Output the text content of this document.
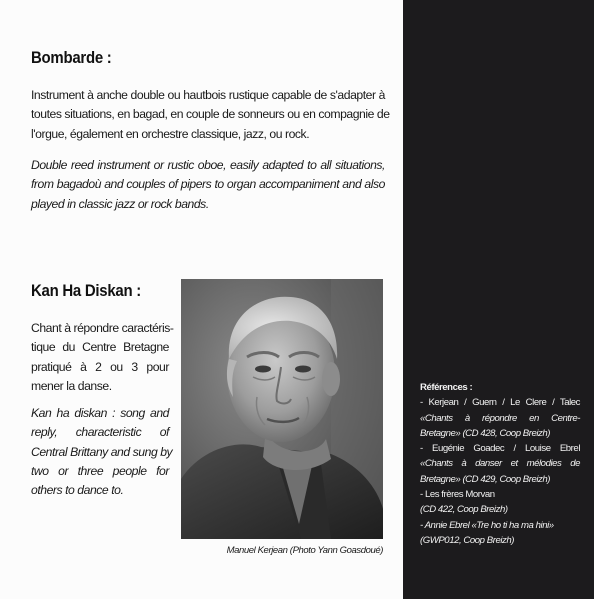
Bombarde :
Instrument à anche double ou hautbois rustique capable de s'adapter à
toutes situations, en bagad, en couple de sonneurs ou en compagnie de
l'orgue, également en orchestre classique, jazz, ou rock.
Double reed instrument or rustic oboe, easily adapted to all situations,
from bagadoù and couples of pipers to organ accompaniment and also
played in classic jazz or rock bands.
Kan Ha Diskan :
Chant à répondre caractéris-
tique du Centre Bretagne
pratiqué à 2 ou 3 pour
mener la danse.
Kan ha diskan : song and
reply, characteristic of
Central Brittany and sung by
two or three people for
others to dance to.
Manuel Kerjean (Photo Yann Goasdoué)
Références :
- Kerjean / Guern / Le Clere / Talec
«Chants à répondre en Centre-
Bretagne» (CD 428, Coop Breizh)
- Eugénie Goadec / Louise Ebrel
«Chants à danser et mélodies de
Bretagne» (CD 429, Coop Breizh)
- Les frères Morvan
(CD 422, Coop Breizh)
- Annie Ebrel «Tre ho ti ha ma hini»
(GWP012, Coop Breizh)
